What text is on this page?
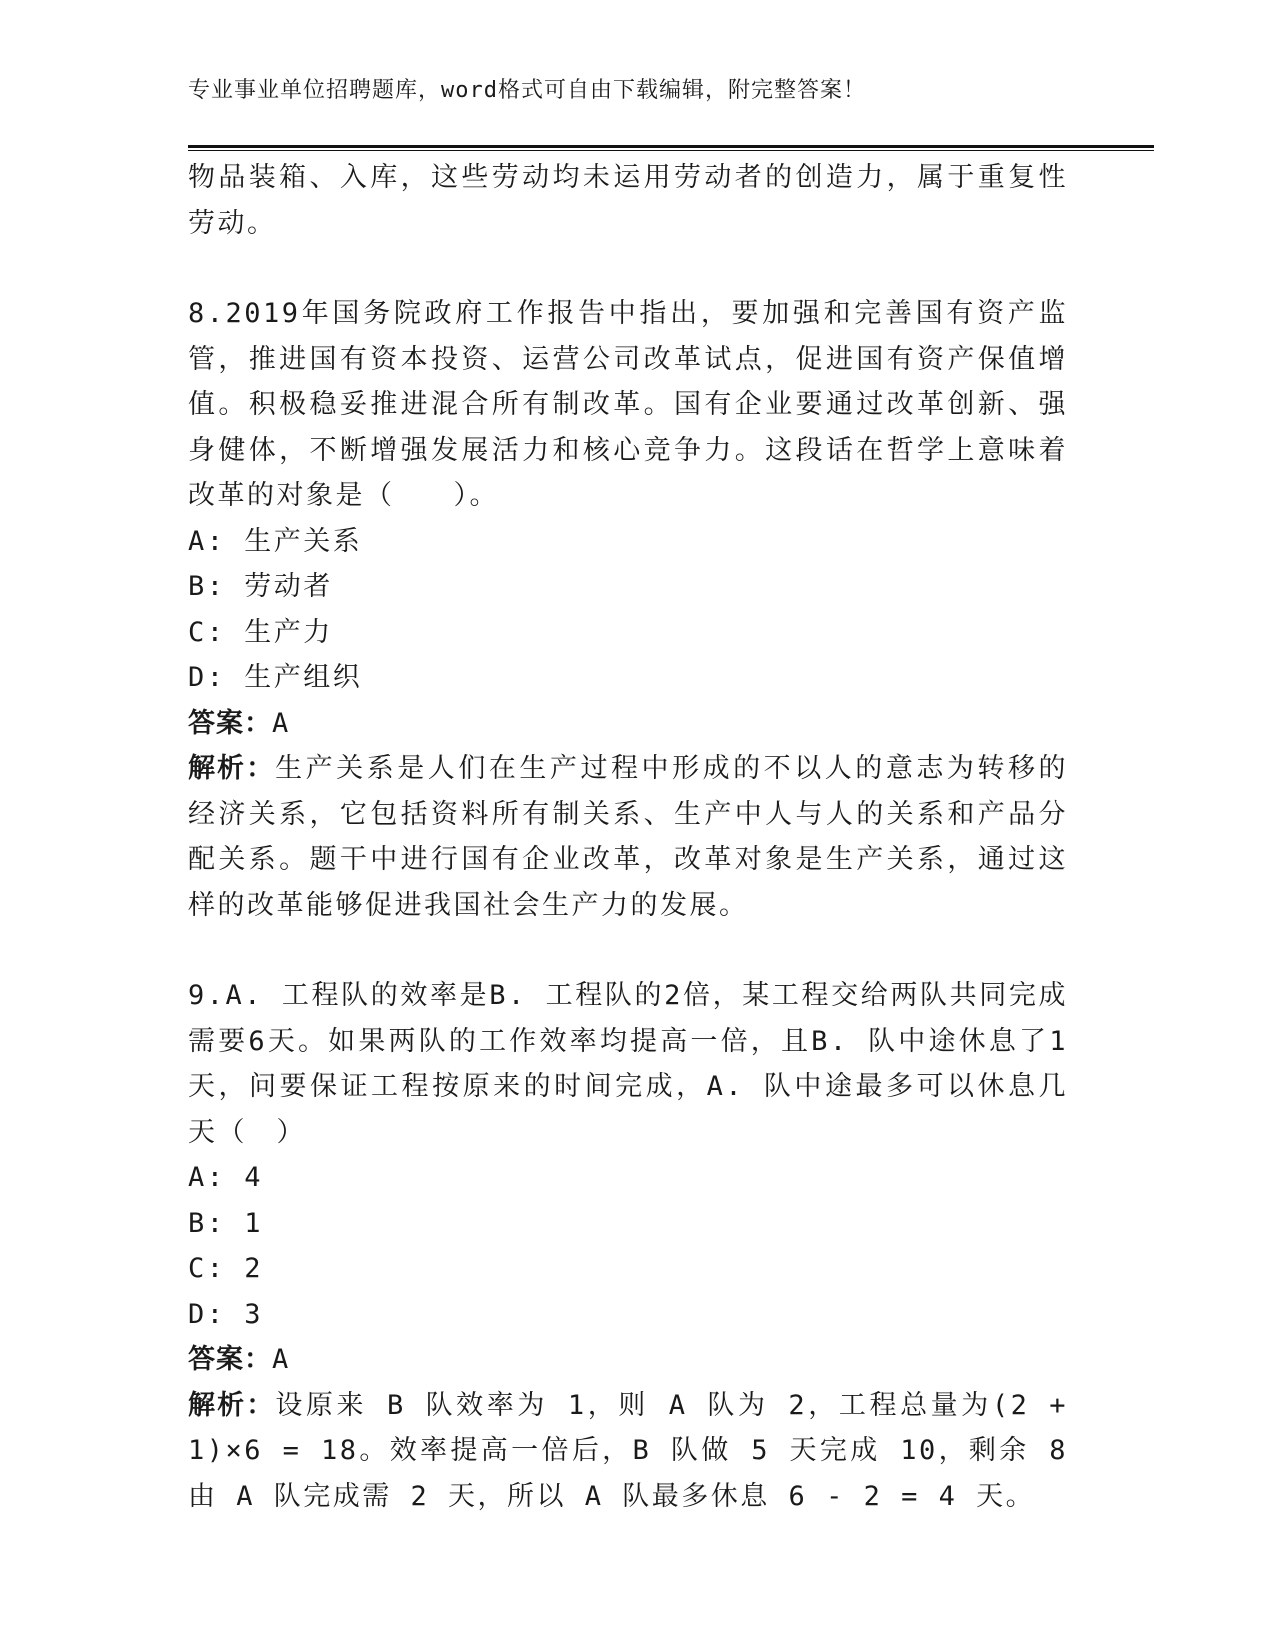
专业事业单位招聘题库，word格式可自由下载编辑，附完整答案！

物品装箱、入库，这些劳动均未运用劳动者的创造力，属于重复性劳动。

8.2019年国务院政府工作报告中指出，要加强和完善国有资产监管，推进国有资本投资、运营公司改革试点，促进国有资产保值增值。积极稳妥推进混合所有制改革。国有企业要通过改革创新、强身健体，不断增强发展活力和核心竞争力。这段话在哲学上意味着改革的对象是（　　）。

A: 生产关系

B: 劳动者

C: 生产力

D: 生产组织

答案：A

解析：生产关系是人们在生产过程中形成的不以人的意志为转移的经济关系，它包括资料所有制关系、生产中人与人的关系和产品分配关系。题干中进行国有企业改革，改革对象是生产关系，通过这样的改革能够促进我国社会生产力的发展。

9.A. 工程队的效率是B. 工程队的2倍，某工程交给两队共同完成需要6天。如果两队的工作效率均提高一倍，且B. 队中途休息了1天，问要保证工程按原来的时间完成，A. 队中途最多可以休息几天（　）

A: 4

B: 1

C: 2

D: 3

答案：A

解析：设原来 B 队效率为 1，则 A 队为 2，工程总量为(2 + 1)×6 = 18。效率提高一倍后，B 队做 5 天完成 10，剩余 8 由 A 队完成需 2 天，所以 A 队最多休息 6 - 2 = 4 天。
